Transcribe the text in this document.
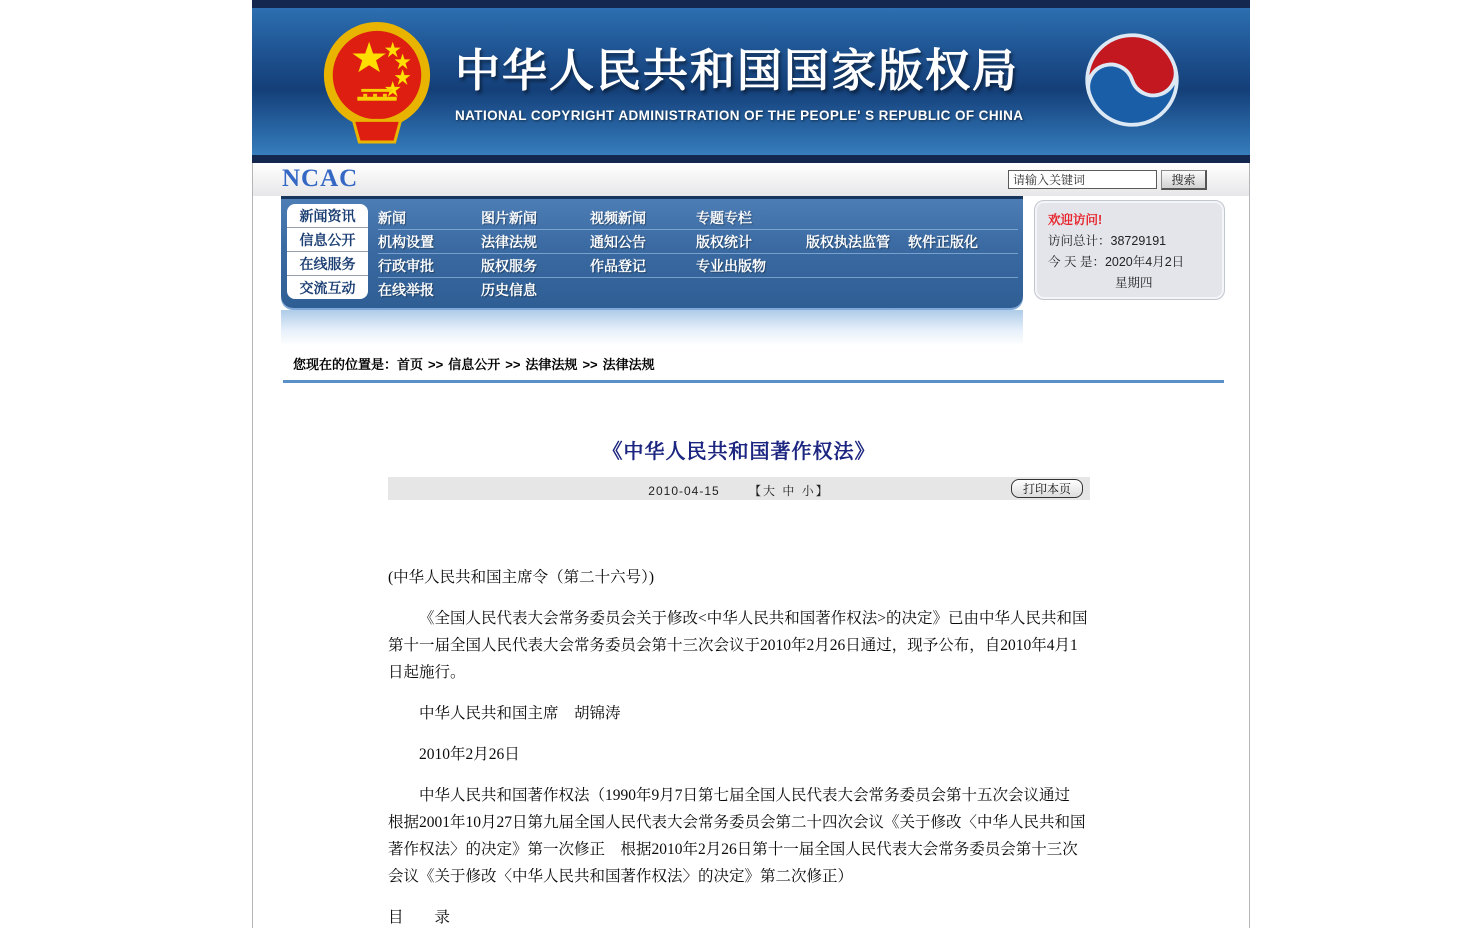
中华人民共和国国家版权局
NATIONAL COPYRIGHT ADMINISTRATION OF THE PEOPLE' S REPUBLIC OF CHINA
NCAC
请输入关键词	搜索
新闻资讯
信息公开
在线服务
交流互动
新闻	图片新闻	视频新闻	专题专栏
机构设置	法律法规	通知公告	版权统计	版权执法监管	软件正版化
行政审批	版权服务	作品登记	专业出版物
在线举报	历史信息
欢迎访问!
访问总计：38729191
今 天 是：2020年4月2日
星期四
您现在的位置是：首页 >> 信息公开 >> 法律法规 >> 法律法规
《中华人民共和国著作权法》
2010-04-15 【大 中 小】	打印本页

(中华人民共和国主席令（第二十六号）)

《全国人民代表大会常务委员会关于修改<中华人民共和国著作权法>的决定》已由中华人民共和国第十一届全国人民代表大会常务委员会第十三次会议于2010年2月26日通过，现予公布，自2010年4月1日起施行。

中华人民共和国主席　胡锦涛

2010年2月26日

中华人民共和国著作权法（1990年9月7日第七届全国人民代表大会常务委员会第十五次会议通过　根据2001年10月27日第九届全国人民代表大会常务委员会第二十四次会议《关于修改〈中华人民共和国著作权法〉的决定》第一次修正　根据2010年2月26日第十一届全国人民代表大会常务委员会第十三次会议《关于修改〈中华人民共和国著作权法〉的决定》第二次修正）

目　　录
